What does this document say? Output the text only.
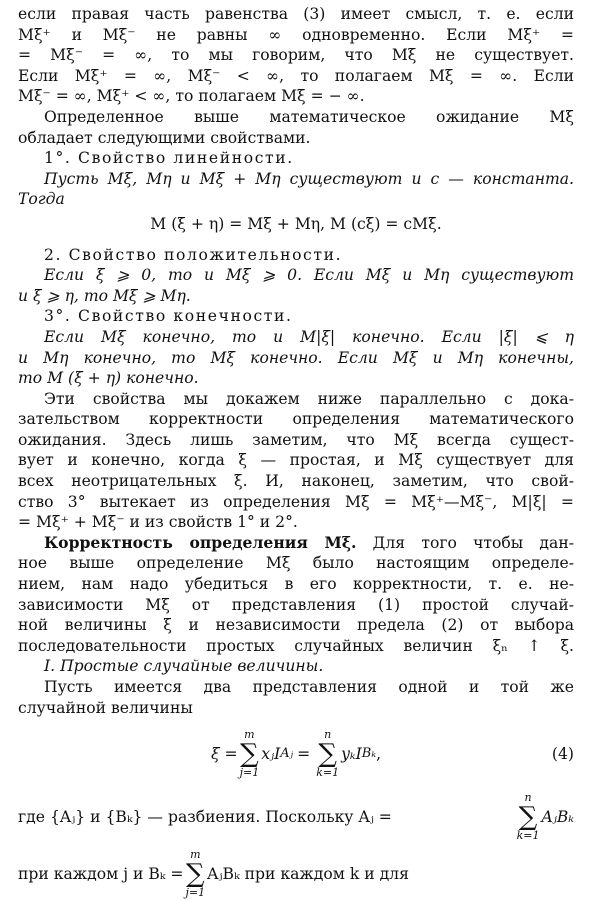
если правая часть равенства (3) имеет смысл, т. е. если

Mξ⁺ и Mξ⁻ не равны ∞ одновременно. Если Mξ⁺ =

= Mξ⁻ = ∞, то мы говорим, что Mξ не существует.

Если Mξ⁺ = ∞, Mξ⁻ < ∞, то полагаем Mξ = ∞. Если

Mξ⁻ = ∞, Mξ⁺ < ∞, то полагаем Mξ = − ∞.

Определенное выше математическое ожидание Mξ

обладает следующими свойствами.

1°. Свойство линейности.

Пусть Mξ, Mη и Mξ + Mη существуют и c — константа.

Тогда

M (ξ + η) = Mξ + Mη, M (cξ) = cMξ.

2. Свойство положительности.

Если ξ ⩾ 0, то и Mξ ⩾ 0. Если Mξ и Mη существуют

и ξ ⩾ η, то Mξ ⩾ Mη.

3°. Свойство конечности.

Если Mξ конечно, то и M|ξ| конечно. Если |ξ| ⩽ η

и Mη конечно, то Mξ конечно. Если Mξ и Mη конечны,

то M (ξ + η) конечно.

Эти свойства мы докажем ниже параллельно с дока-

зательством корректности определения математического

ожидания. Здесь лишь заметим, что Mξ всегда сущест-

вует и конечно, когда ξ — простая, и Mξ существует для

всех неотрицательных ξ. И, наконец, заметим, что свой-

ство 3° вытекает из определения Mξ = Mξ⁺—Mξ⁻, M|ξ| =

= Mξ⁺ + Mξ⁻ и из свойств 1° и 2°.

Корректность определения Mξ. Для того чтобы дан-

ное выше определение Mξ было настоящим определе-

нием, нам надо убедиться в его корректности, т. е. не-

зависимости Mξ от представления (1) простой случай-

ной величины ξ и независимости предела (2) от выбора

последовательности простых случайных величин ξₙ ↑ ξ.

I. Простые случайные величины.

Пусть имеется два представления одной и той же

случайной величины

ξ =
m
∑
j=1
xⱼI Aⱼ =
n
∑
k=1
yₖI Bₖ ,	(4)
где {Aⱼ} и {Bₖ} — разбиения. Поскольку Aⱼ =
n
∑
k=1
AⱼBₖ
при каждом j и Bₖ =
m
∑
j=1
AⱼBₖ при каждом k и для
